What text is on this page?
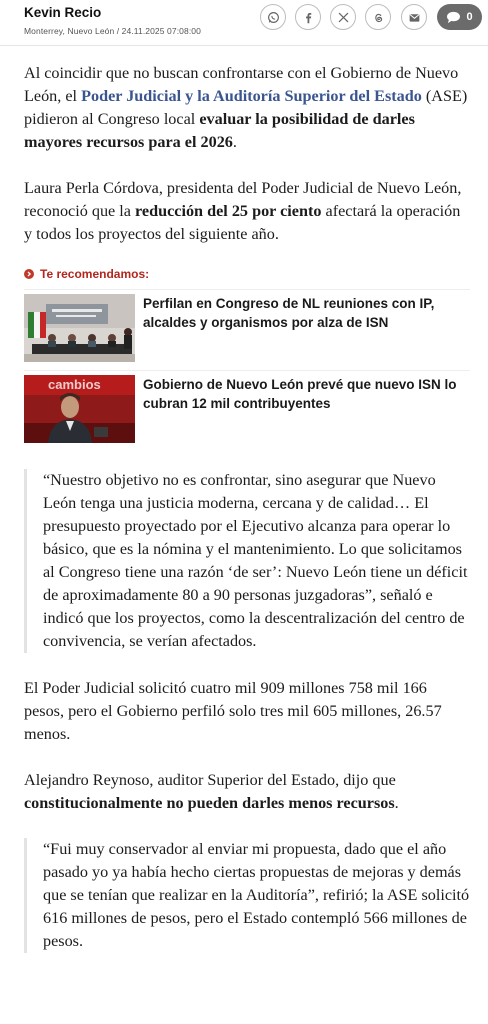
Kevin Recio
Monterrey, Nuevo León / 24.11.2025 07:08:00
0

Al coincidir que no buscan confrontarse con el Gobierno de Nuevo León, el Poder Judicial y la Auditoría Superior del Estado (ASE) pidieron al Congreso local evaluar la posibilidad de darles mayores recursos para el 2026.

Laura Perla Córdova, presidenta del Poder Judicial de Nuevo León, reconoció que la reducción del 25 por ciento afectará la operación y todos los proyectos del siguiente año.

Te recomendamos:
Perfilan en Congreso de NL reuniones con IP, alcaldes y organismos por alza de ISN
cambios	Gobierno de Nuevo León prevé que nuevo ISN lo cubran 12 mil contribuyentes

“Nuestro objetivo no es confrontar, sino asegurar que Nuevo León tenga una justicia moderna, cercana y de calidad… El presupuesto proyectado por el Ejecutivo alcanza para operar lo básico, que es la nómina y el mantenimiento. Lo que solicitamos al Congreso tiene una razón ‘de ser’: Nuevo León tiene un déficit de aproximadamente 80 a 90 personas juzgadoras”, señaló e indicó que los proyectos, como la descentralización del centro de convivencia, se verían afectados.

El Poder Judicial solicitó cuatro mil 909 millones 758 mil 166 pesos, pero el Gobierno perfiló solo tres mil 605 millones, 26.57 menos.

Alejandro Reynoso, auditor Superior del Estado, dijo que constitucionalmente no pueden darles menos recursos.

“Fui muy conservador al enviar mi propuesta, dado que el año pasado yo ya había hecho ciertas propuestas de mejoras y demás que se tenían que realizar en la Auditoría”, refirió; la ASE solicitó 616 millones de pesos, pero el Estado contempló 566 millones de pesos.
